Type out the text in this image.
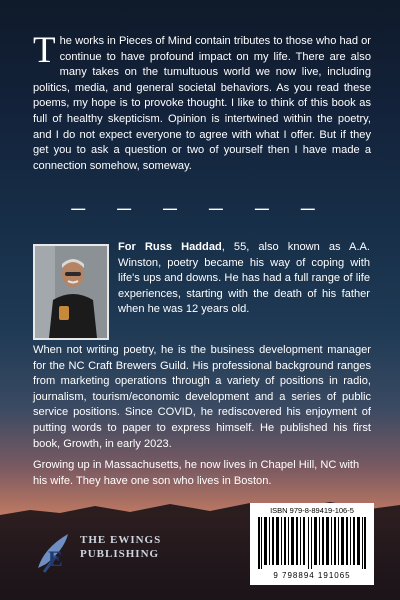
The works in Pieces of Mind contain tributes to those who had or continue to have profound impact on my life. There are also many takes on the tumultuous world we now live, including politics, media, and general societal behaviors. As you read these poems, my hope is to provoke thought. I like to think of this book as full of healthy skepticism. Opinion is intertwined within the poetry, and I do not expect everyone to agree with what I offer. But if they get you to ask a question or two of yourself then I have made a connection somehow, someway.

— — — — — —

For Russ Haddad, 55, also known as A.A. Winston, poetry became his way of coping with life's ups and downs. He has had a full range of life experiences, starting with the death of his father when he was 12 years old.

When not writing poetry, he is the business development manager for the NC Craft Brewers Guild. His professional background ranges from marketing operations through a variety of positions in radio, journalism, tourism/economic development and a series of public service positions. Since COVID, he rediscovered his enjoyment of putting words to paper to express himself. He published his first book, Growth, in early 2023.

Growing up in Massachusetts, he now lives in Chapel Hill, NC with his wife. They have one son who lives in Boston.

E
THE EWINGS
PUBLISHING
ISBN 979-8-89419-106-5
9 798894 191065
